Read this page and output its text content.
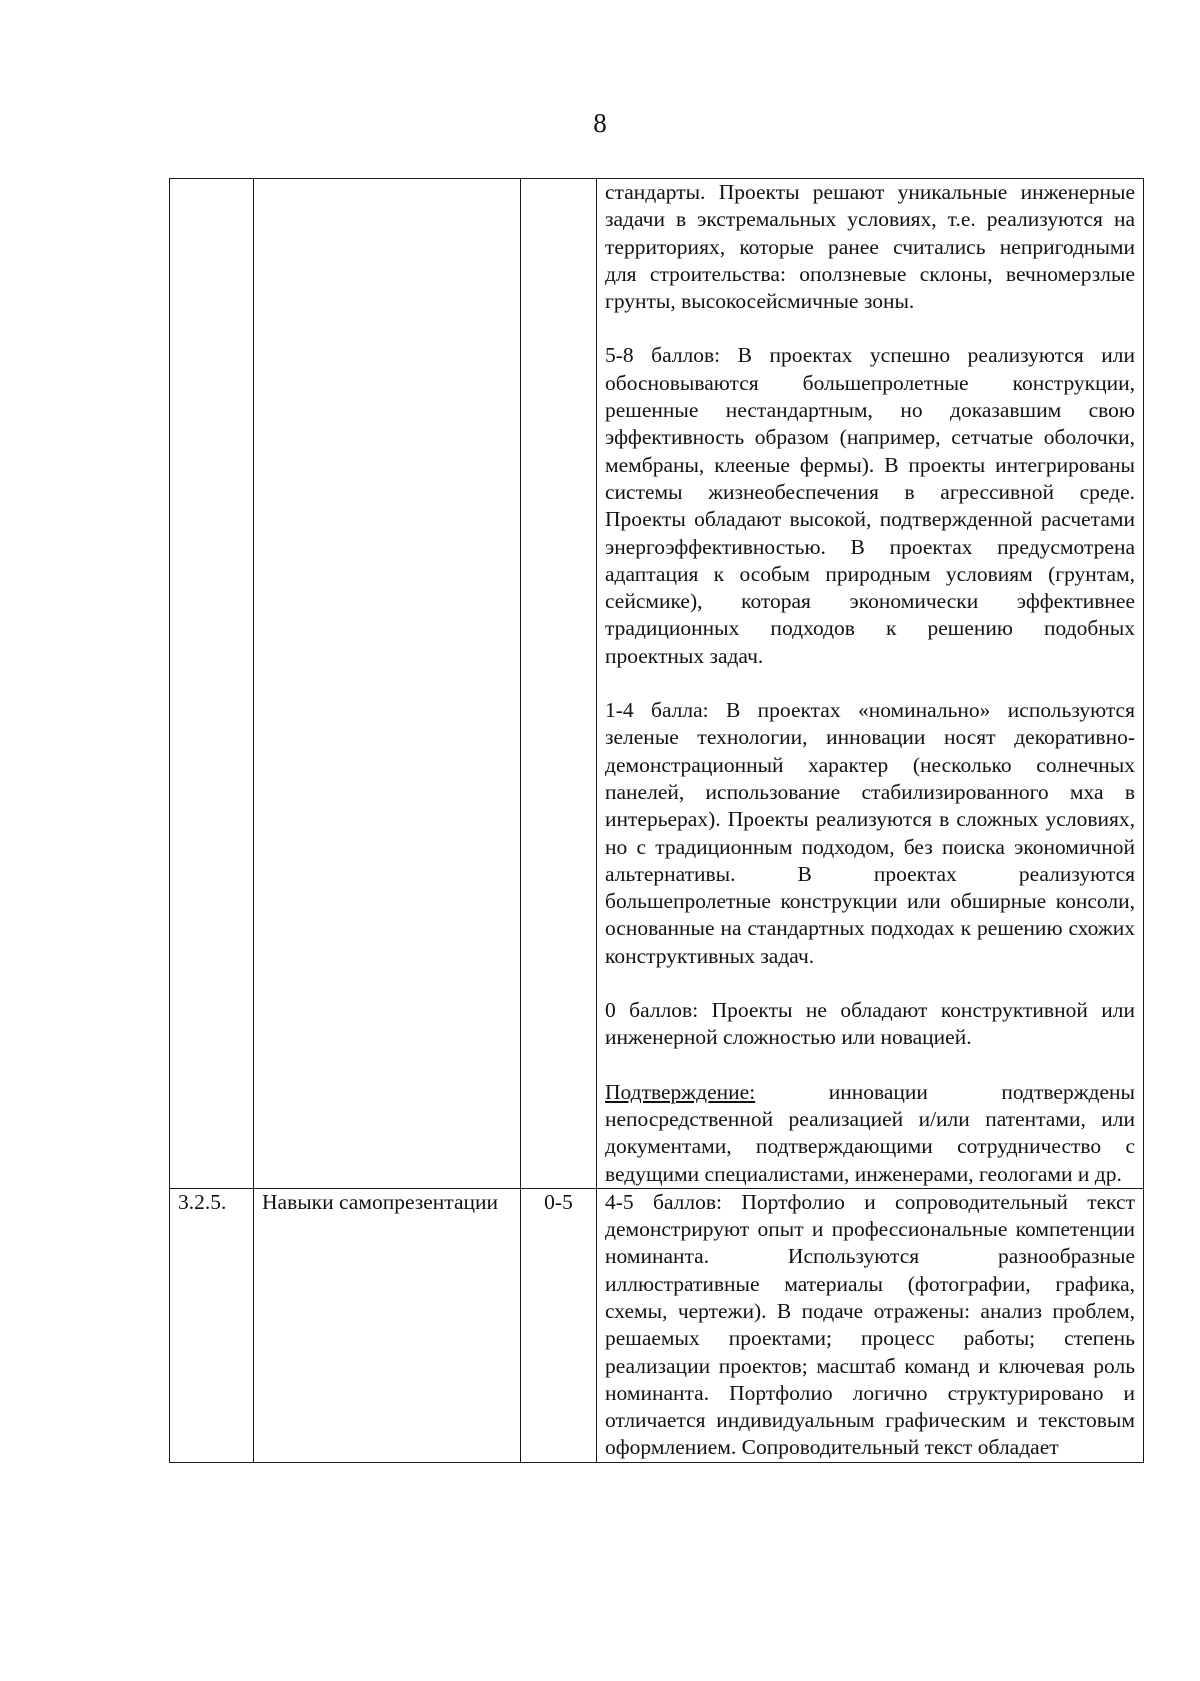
8

			стандарты. Проекты решают уникальные инженерные задачи в экстремальных условиях, т.е. реализуются на территориях, которые ранее считались непригодными для строительства: оползневые склоны, вечномерзлые грунты, высокосейсмичные зоны.

5-8 баллов: В проектах успешно реализуются или обосновываются большепролетные конструкции, решенные нестандартным, но доказавшим свою эффективность образом (например, сетчатые оболочки, мембраны, клееные фермы). В проекты интегрированы системы жизнеобеспечения в агрессивной среде. Проекты обладают высокой, подтвержденной расчетами энергоэффективностью. В проектах предусмотрена адаптация к особым природным условиям (грунтам, сейсмике), которая экономически эффективнее традиционных подходов к решению подобных проектных задач.

1-4 балла: В проектах «номинально» используются зеленые технологии, инновации носят декоративно-демонстрационный характер (несколько солнечных панелей, использование стабилизированного мха в интерьерах). Проекты реализуются в сложных условиях, но с традиционным подходом, без поиска экономичной альтернативы. В проектах реализуются большепролетные конструкции или обширные консоли, основанные на стандартных подходах к решению схожих конструктивных задач.

0 баллов: Проекты не обладают конструктивной или инженерной сложностью или новацией.

Подтверждение: инновации подтверждены непосредственной реализацией и/или патентами, или документами, подтверждающими сотрудничество с ведущими специалистами, инженерами, геологами и др.

3.2.5.	Навыки самопрезентации	0-5	4-5 баллов: Портфолио и сопроводительный текст демонстрируют опыт и профессиональные компетенции номинанта. Используются разнообразные иллюстративные материалы (фотографии, графика, схемы, чертежи). В подаче отражены: анализ проблем, решаемых проектами; процесс работы; степень реализации проектов; масштаб команд и ключевая роль номинанта. Портфолио логично структурировано и отличается индивидуальным графическим и текстовым оформлением. Сопроводительный текст обладает
